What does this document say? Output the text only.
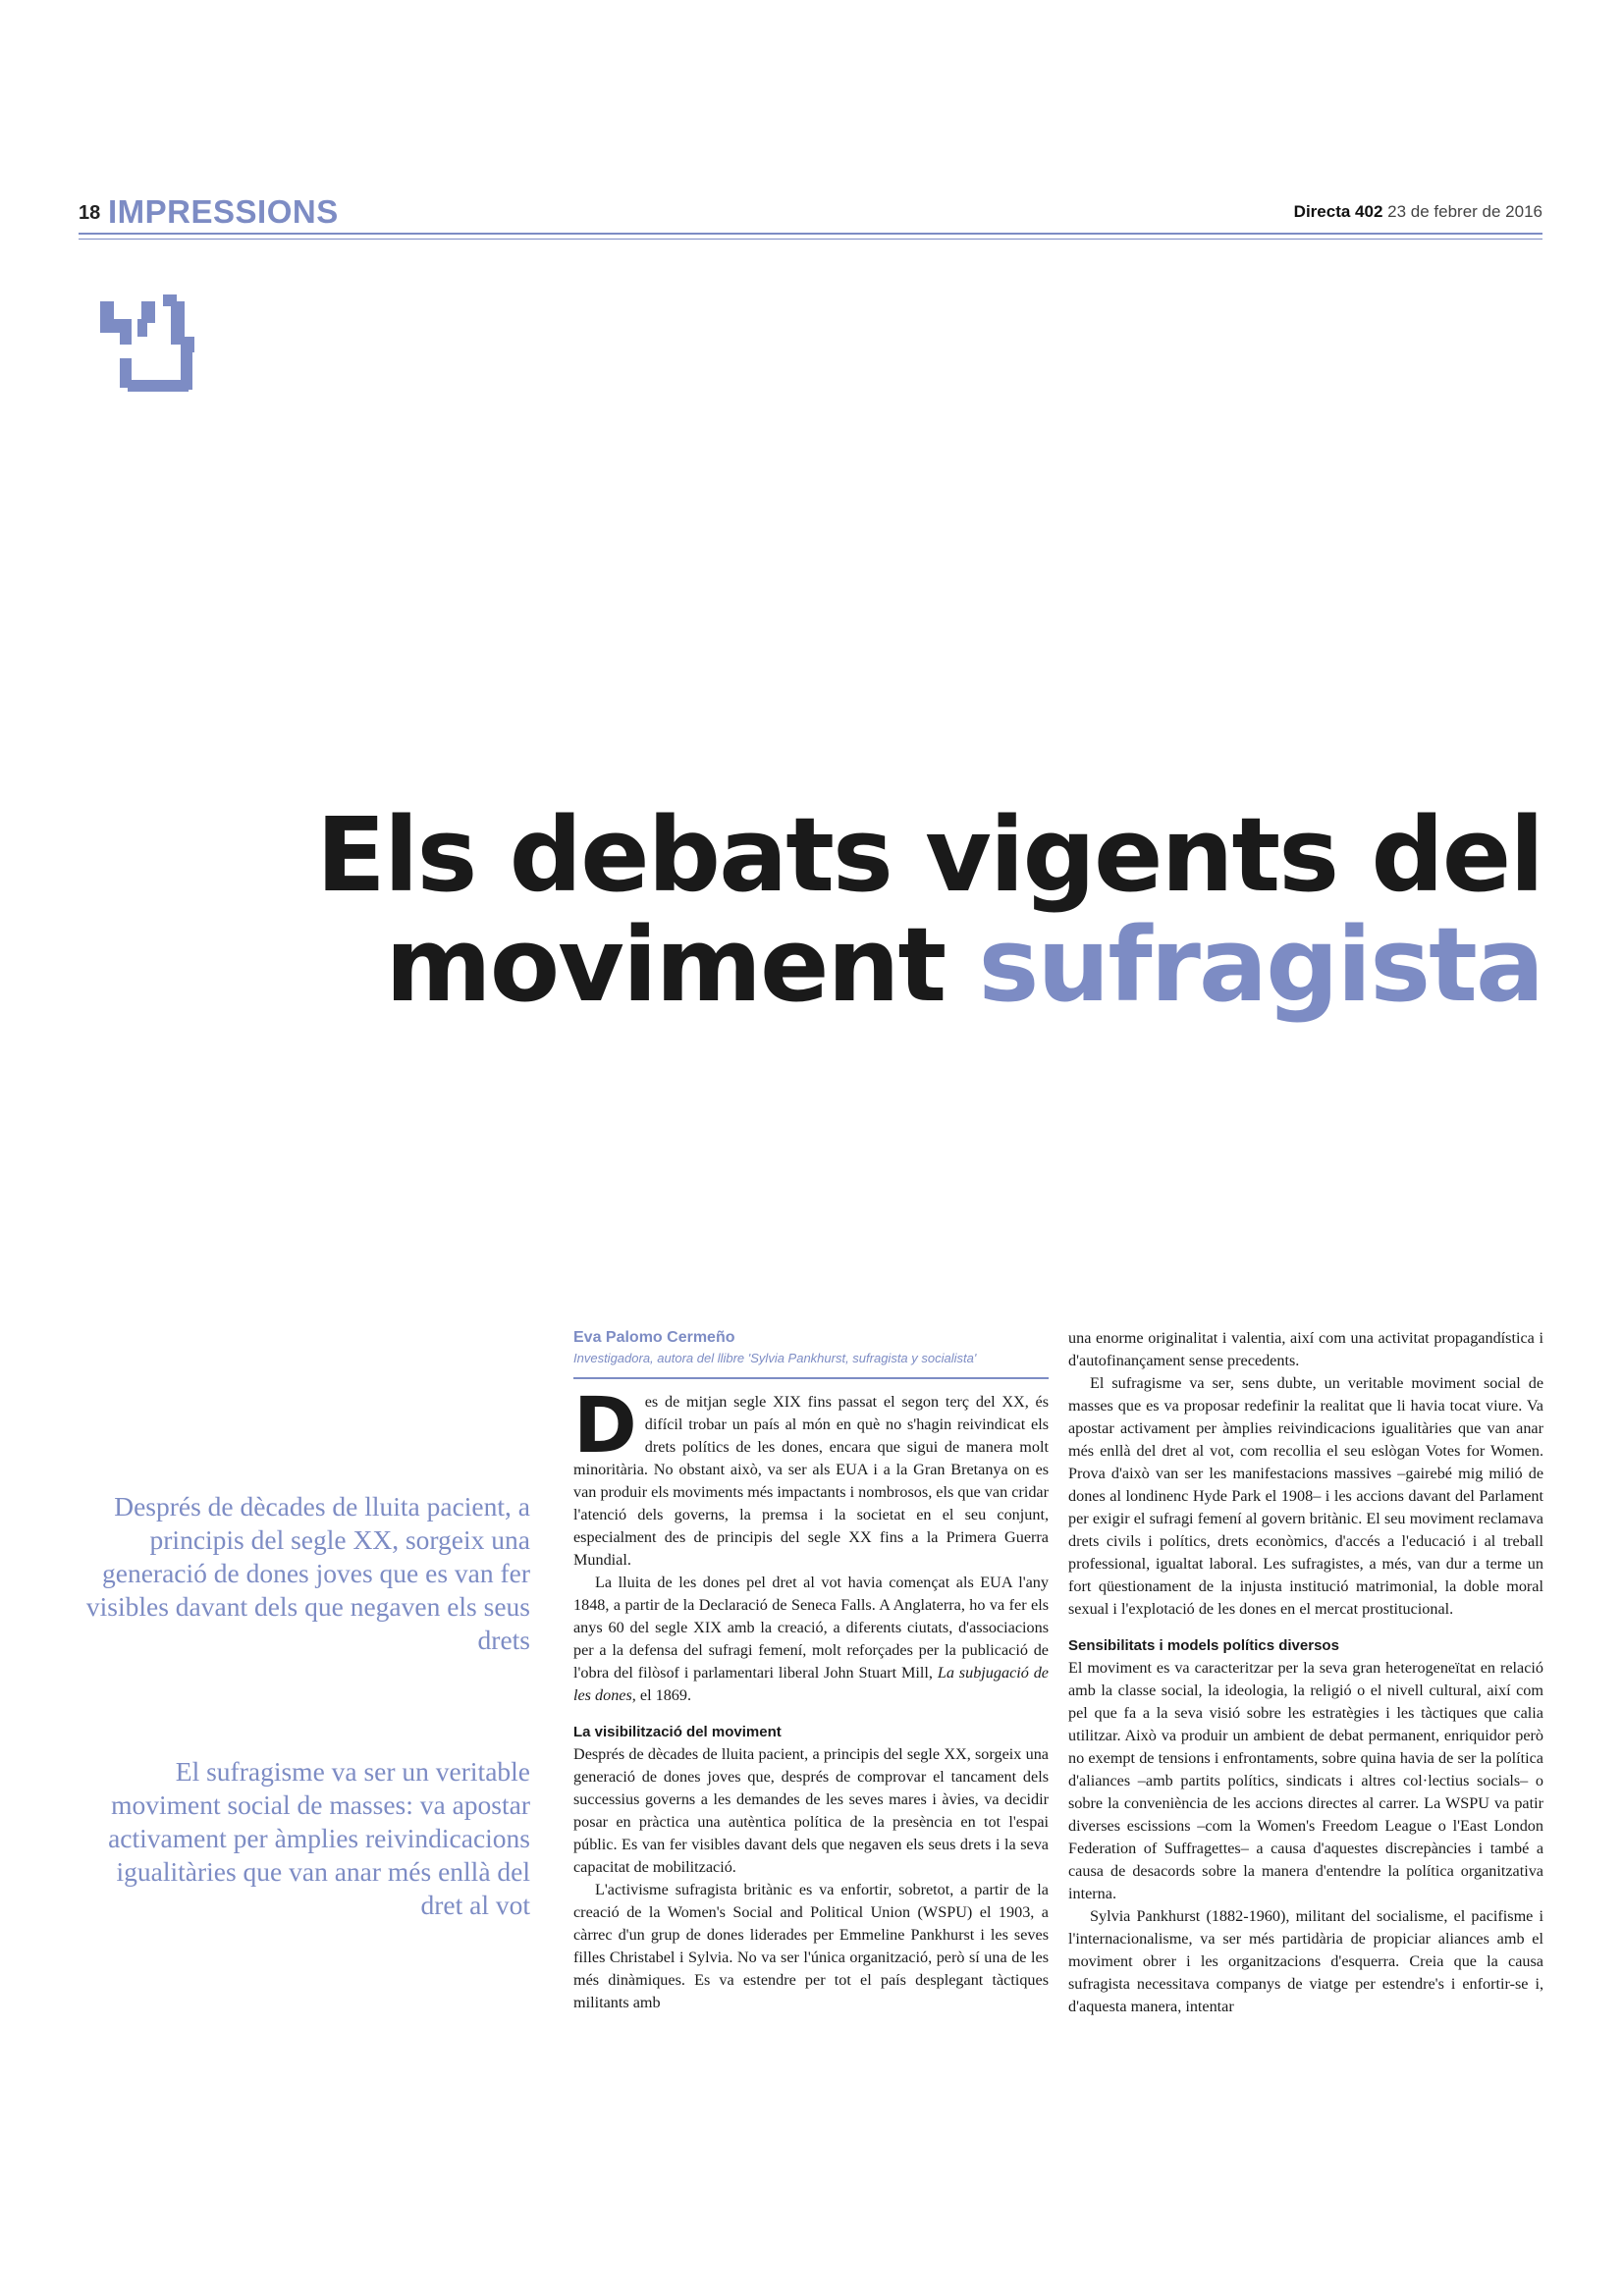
18 IMPRESSIONS	Directa 402 23 de febrer de 2016
Els debats vigents del
moviment sufragista
Després de dècades de lluita pacient, a principis del segle XX, sorgeix una generació de dones joves que es van fer visibles davant dels que negaven els seus drets
El sufragisme va ser un veritable moviment social de masses: va apostar activament per àmplies reivindicacions igualitàries que van anar més enllà del dret al vot
Eva Palomo Cermeño
Investigadora, autora del llibre 'Sylvia Pankhurst, sufragista y socialista'

Des de mitjan segle XIX fins passat el segon terç del XX, és difícil trobar un país al món en què no s'hagin reivindicat els drets polítics de les dones, encara que sigui de manera molt minoritària. No obstant això, va ser als EUA i a la Gran Bretanya on es van produir els moviments més impactants i nombrosos, els que van cridar l'atenció dels governs, la premsa i la societat en el seu conjunt, especialment des de principis del segle XX fins a la Primera Guerra Mundial.

La lluita de les dones pel dret al vot havia començat als EUA l'any 1848, a partir de la Declaració de Seneca Falls. A Anglaterra, ho va fer els anys 60 del segle XIX amb la creació, a diferents ciutats, d'associacions per a la defensa del sufragi femení, molt reforçades per la publicació de l'obra del filòsof i parlamentari liberal John Stuart Mill, La subjugació de les dones, el 1869.

La visibilització del moviment

Després de dècades de lluita pacient, a principis del segle XX, sorgeix una generació de dones joves que, després de comprovar el tancament dels successius governs a les demandes de les seves mares i àvies, va decidir posar en pràctica una autèntica política de la presència en tot l'espai públic. Es van fer visibles davant dels que negaven els seus drets i la seva capacitat de mobilització.

L'activisme sufragista britànic es va enfortir, sobretot, a partir de la creació de la Women's Social and Political Union (WSPU) el 1903, a càrrec d'un grup de dones liderades per Emmeline Pankhurst i les seves filles Christabel i Sylvia. No va ser l'única organització, però sí una de les més dinàmiques. Es va estendre per tot el país desplegant tàctiques militants amb

una enorme originalitat i valentia, així com una activitat propagandística i d'autofinançament sense precedents.

El sufragisme va ser, sens dubte, un veritable moviment social de masses que es va proposar redefinir la realitat que li havia tocat viure. Va apostar activament per àmplies reivindicacions igualitàries que van anar més enllà del dret al vot, com recollia el seu eslògan Votes for Women. Prova d'això van ser les manifestacions massives –gairebé mig milió de dones al londinenc Hyde Park el 1908– i les accions davant del Parlament per exigir el sufragi femení al govern britànic. El seu moviment reclamava drets civils i polítics, drets econòmics, d'accés a l'educació i al treball professional, igualtat laboral. Les sufragistes, a més, van dur a terme un fort qüestionament de la injusta institució matrimonial, la doble moral sexual i l'explotació de les dones en el mercat prostitucional.

Sensibilitats i models polítics diversos

El moviment es va caracteritzar per la seva gran heterogeneïtat en relació amb la classe social, la ideologia, la religió o el nivell cultural, així com pel que fa a la seva visió sobre les estratègies i les tàctiques que calia utilitzar. Això va produir un ambient de debat permanent, enriquidor però no exempt de tensions i enfrontaments, sobre quina havia de ser la política d'aliances –amb partits polítics, sindicats i altres col·lectius socials– o sobre la conveniència de les accions directes al carrer. La WSPU va patir diverses escissions –com la Women's Freedom League o l'East London Federation of Suffragettes– a causa d'aquestes discrepàncies i també a causa de desacords sobre la manera d'entendre la política organitzativa interna.

Sylvia Pankhurst (1882-1960), militant del socialisme, el pacifisme i l'internacionalisme, va ser més partidària de propiciar aliances amb el moviment obrer i les organitzacions d'esquerra. Creia que la causa sufragista necessitava companys de viatge per estendre's i enfortir-se i, d'aquesta manera, intentar
